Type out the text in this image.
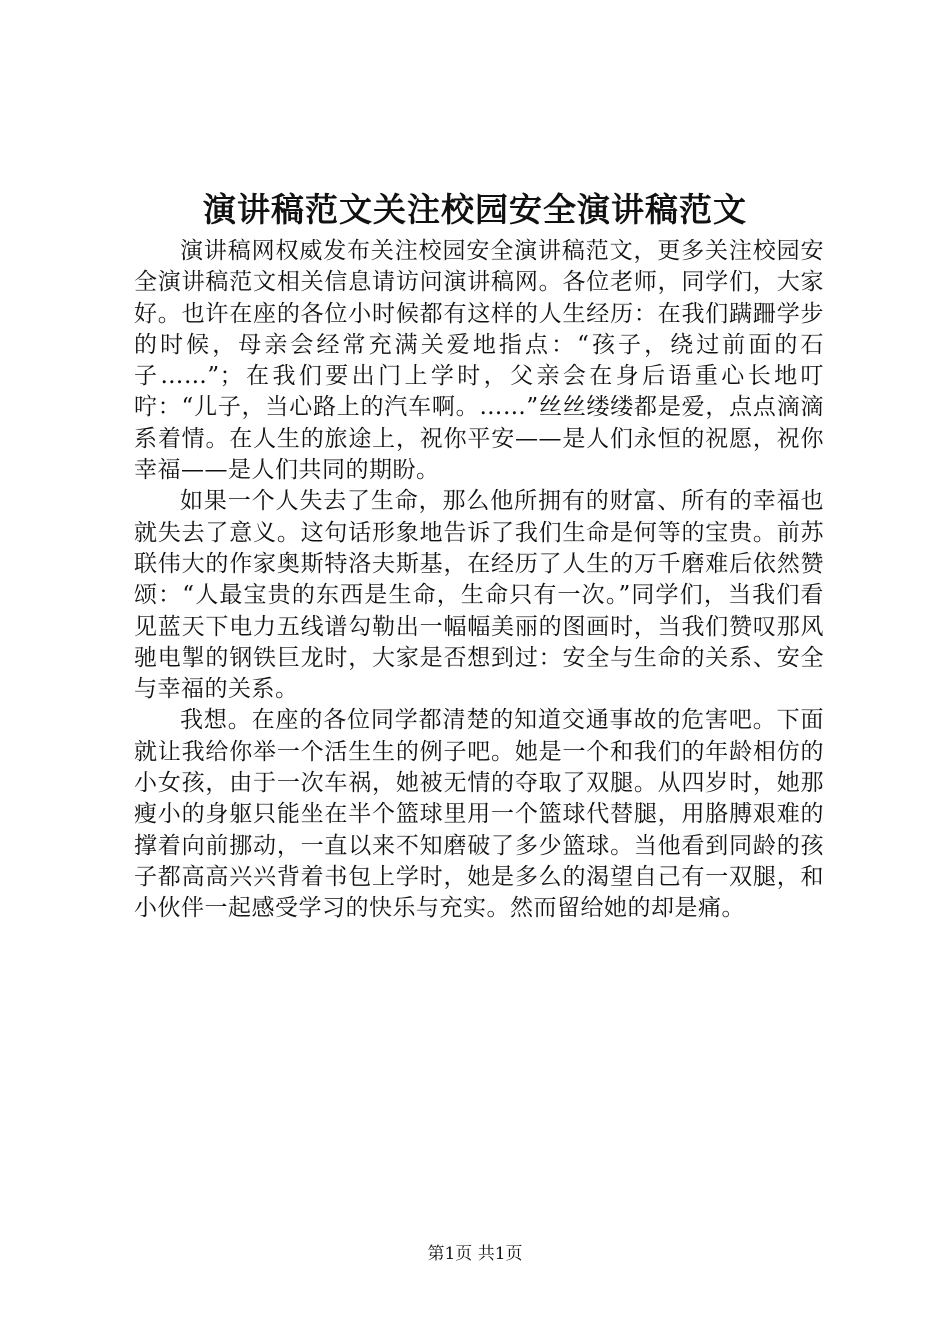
演讲稿范文关注校园安全演讲稿范文

演讲稿网权威发布关注校园安全演讲稿范文，更多关注校园安全演讲稿范文相关信息请访问演讲稿网。各位老师，同学们，大家好。也许在座的各位小时候都有这样的人生经历：在我们蹒跚学步的时候，母亲会经常充满关爱地指点：“孩子，绕过前面的石子……”；在我们要出门上学时，父亲会在身后语重心长地叮咛：“儿子，当心路上的汽车啊。……”丝丝缕缕都是爱，点点滴滴系着情。在人生的旅途上，祝你平安——是人们永恒的祝愿，祝你幸福——是人们共同的期盼。

如果一个人失去了生命，那么他所拥有的财富、所有的幸福也就失去了意义。这句话形象地告诉了我们生命是何等的宝贵。前苏联伟大的作家奥斯特洛夫斯基，在经历了人生的万千磨难后依然赞颂：“人最宝贵的东西是生命，生命只有一次。”同学们，当我们看见蓝天下电力五线谱勾勒出一幅幅美丽的图画时，当我们赞叹那风驰电掣的钢铁巨龙时，大家是否想到过：安全与生命的关系、安全与幸福的关系。

我想。在座的各位同学都清楚的知道交通事故的危害吧。下面就让我给你举一个活生生的例子吧。她是一个和我们的年龄相仿的小女孩，由于一次车祸，她被无情的夺取了双腿。从四岁时，她那瘦小的身躯只能坐在半个篮球里用一个篮球代替腿，用胳膊艰难的撑着向前挪动，一直以来不知磨破了多少篮球。当他看到同龄的孩子都高高兴兴背着书包上学时，她是多么的渴望自己有一双腿，和小伙伴一起感受学习的快乐与充实。然而留给她的却是痛。

第1页 共1页
